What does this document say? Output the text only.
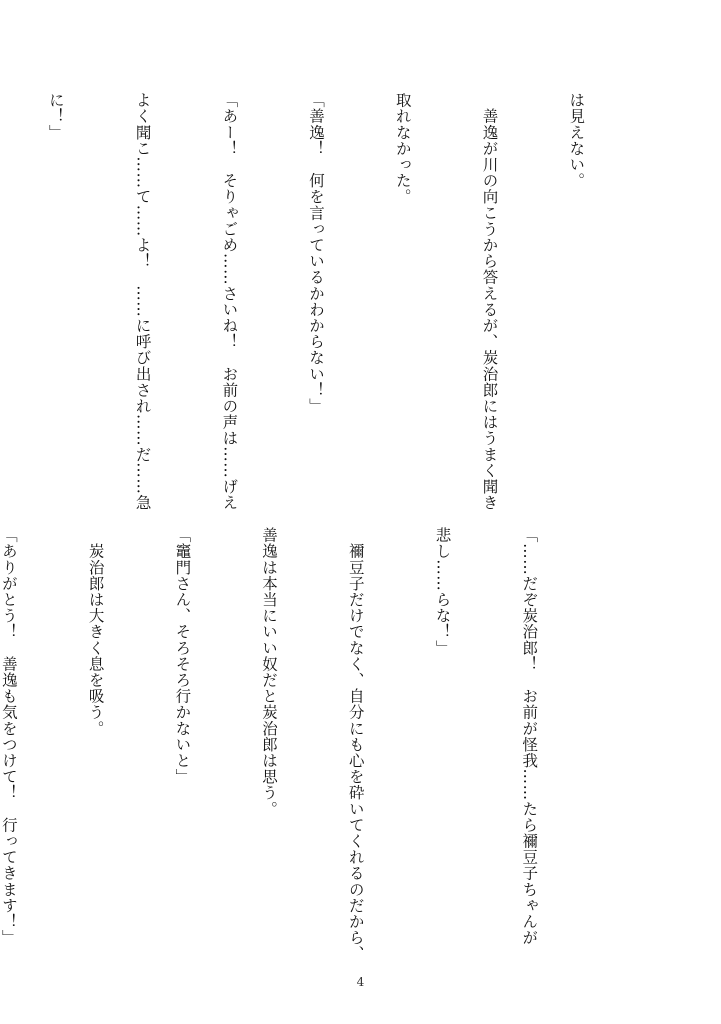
は見えない。

　善逸が川の向こうから答えるが、炭治郎にはうまく聞き

取れなかった。

「善逸！　何を言っているかわからない！」

「あー！　そりゃごめ……さいね！　お前の声は……げえ

よく聞こ……て……よ！　……に呼び出され……だ……急

に！」

「……だぞ炭治郎！　お前が怪我……たら禰豆子ちゃんが

悲し……らな！」

　禰豆子だけでなく、自分にも心を砕いてくれるのだから、

善逸は本当にいい奴だと炭治郎は思う。

「竈門さん、そろそろ行かないと」

　炭治郎は大きく息を吸う。

「ありがとう！　善逸も気をつけて！　行ってきます！」

4
